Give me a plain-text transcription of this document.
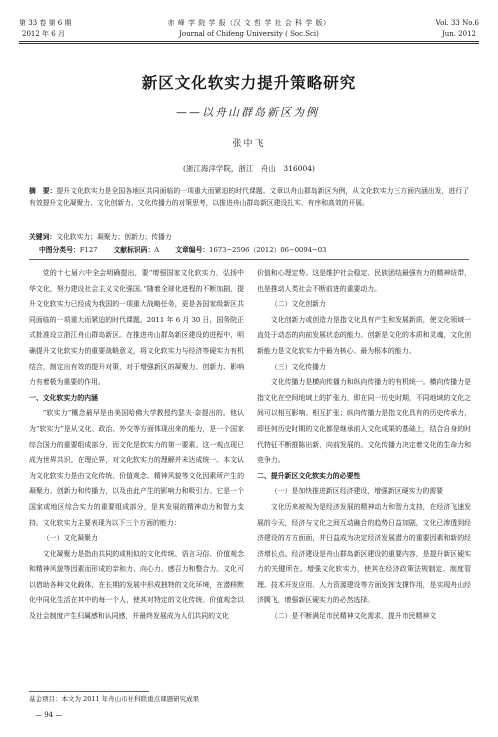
第 33 卷 第 6 期
2012 年 6 月
赤 峰 学 院 学 报（汉 文 哲 学 社 会 科 学 版）
Journal of Chifeng University ( Soc.Sci)
Vol. 33 No.6
Jun. 2012
新区文化软实力提升策略研究
——以舟山群岛新区为例
张中飞
(浙江海洋学院，浙江　舟山　316004)
摘　要：提升文化软实力是全国各地区共同面临的一项重大而紧迫的时代课题。文章以舟山群岛新区为例，从文化软实力三方面内涵出发，进行了有效提升文化凝聚力、文化创新力、文化传播力的对策思考，以推进舟山群岛新区建设扎实、有序和高效的开展。
关键词：文化软实力；凝聚力；创新力；传播力
中图分类号：F127 文献标识码：A 文章编号：1673−2596（2012）06−0094−03

党的十七届六中全会明确提出，要“增强国家文化软实力，弘扬中华文化，努力建设社会主义文化强国。”随着全球化进程的不断加剧，提升文化软实力已经成为我国的一项重大战略任务，更是各国家级新区共同面临的一项重大而紧迫的时代课题。2011 年 6 月 30 日，国务院正式批准设立浙江舟山群岛新区。在推进舟山群岛新区建设的进程中，明确提升文化软实力的重要战略意义，将文化软实力与经济等硬实力有机结合，制定出有效的提升对策，对于增强新区的凝聚力、创新力、影响力有着极为重要的作用。

一、文化软实力的内涵

“软实力”概念最早是由美国哈佛大学教授约瑟夫·奈提出的。他认为“软实力”是从文化、政治、外交等方面体现出来的能力，是一个国家综合国力的重要组成部分，而文化是软实力的第一要素。这一观点现已成为世界共识。在理论界，对文化软实力的理解并未达成统一。本文认为文化软实力是由文化传统、价值观念、精神风貌等文化因素所产生的凝聚力、创新力和传播力，以及由此产生的影响力和吸引力。它是一个国家或地区综合实力的重要组成部分，是其发展的精神动力和智力支持。文化软实力主要表现为以下三个方面的能力：

（一）文化凝聚力

文化凝聚力是指由共同的或相似的文化传统、语言习俗、价值观念和精神风貌等因素而形成的亲和力、向心力、感召力和整合力。文化可以借助各种文化载体，在长期的发展中形成独特的文化环境，在潜移默化中同化生活在其中的每一个人，使其对特定的文化传统、价值观念以及社会制度产生归属感和认同感，并最终发展成为人们共同的文化

价值和心理定势。这是维护社会稳定、民族团结最强有力的精神纽带，也是推动人类社会不断前进的重要动力。

（二）文化创新力

文化创新力或创造力是指文化具有产生和发展新质，使文化领域一直处于动态的向前发展状态的能力。创新是文化的本质和灵魂，文化创新能力是文化软实力中最为核心、最为根本的能力。

（三）文化传播力

文化传播力是横向传播力和纵向传播力的有机统一。横向传播力是指文化在空间地域上的扩张力，即在同一历史时期，不同地域的文化之间可以相互影响、相互扩张；纵向传播力是指文化具有的历史传承力，即任何历史时期的文化都是继承前人文化成果的基础上，结合自身的时代特征不断推陈出新，向前发展的。文化传播力决定着文化的生命力和竞争力。

二、提升新区文化软实力的必要性

（一）是加快推进新区经济建设，增强新区硬实力的需要

文化历来被视为是经济发展的精神动力和智力支持，在经济飞速发展的今天，经济与文化之间互动融合的趋势日益加剧，文化已渗透到经济建设的方方面面，并日益成为决定经济发展潜力的重要因素和新的经济增长点。经济建设是舟山群岛新区建设的重要内容，是提升新区硬实力的关键所在。增强文化软实力，使其在经济政策法规制定、制度管理、技术开发应用、人力资源建设等方面发挥支撑作用，是实现舟山经济腾飞，增强新区硬实力的必然选择。

（二）是不断满足市民精神文化需求，提升市民精神文

基金项目：本文为 2011 年舟山市社科联重点课题研究成果
— 94 —
